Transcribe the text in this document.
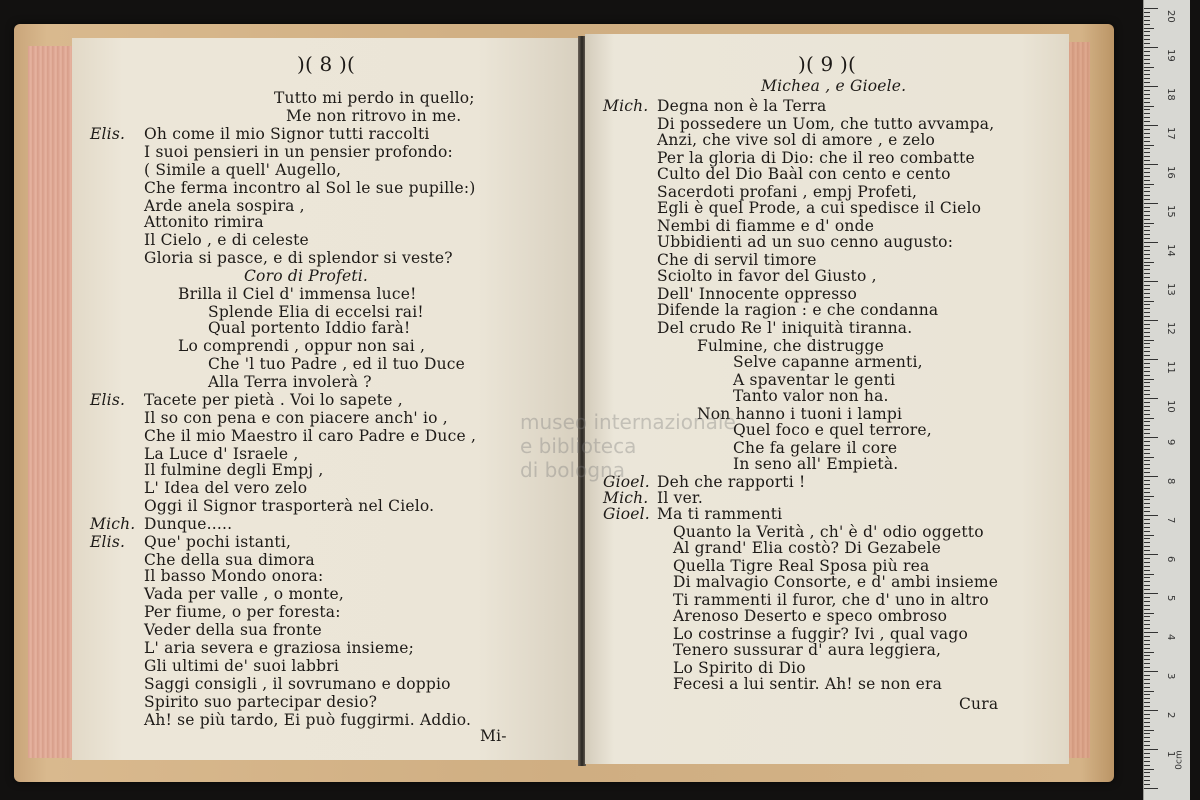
)( 8 )(
Tutto mi perdo in quello;
Me non ritrovo in me.
Elis. Oh come il mio Signor tutti raccolti
I suoi pensieri in un pensier profondo:
( Simile a quell' Augello,
Che ferma incontro al Sol le sue pupille:)
Arde anela sospira ,
Attonito rimira
Il Cielo , e di celeste
Gloria si pasce, e di splendor si veste?
Coro di Profeti.
Brilla il Ciel d' immensa luce!
Splende Elia di eccelsi rai!
Qual portento Iddio farà!
Lo comprendi , oppur non sai ,
Che 'l tuo Padre , ed il tuo Duce
Alla Terra involerà ?
Elis. Tacete per pietà . Voi lo sapete ,
Il so con pena e con piacere anch' io ,
Che il mio Maestro il caro Padre e Duce ,
La Luce d' Israele ,
Il fulmine degli Empj ,
L' Idea del vero zelo
Oggi il Signor trasporterà nel Cielo.
Mich. Dunque.....
Elis. Que' pochi istanti,
Che della sua dimora
Il basso Mondo onora:
Vada per valle , o monte,
Per fiume, o per foresta:
Veder della sua fronte
L' aria severa e graziosa insieme;
Gli ultimi de' suoi labbri
Saggi consigli , il sovrumano e doppio
Spirito suo partecipar desio?
Ah! se più tardo, Ei può fuggirmi. Addio.
Mi-
)( 9 )(
Michea , e Gioele.
Mich. Degna non è la Terra
Di possedere un Uom, che tutto avvampa,
Anzi, che vive sol di amore , e zelo
Per la gloria di Dio: che il reo combatte
Culto del Dio Baàl con cento e cento
Sacerdoti profani , empj Profeti,
Egli è quel Prode, a cui spedisce il Cielo
Nembi di fiamme e d' onde
Ubbidienti ad un suo cenno augusto:
Che di servil timore
Sciolto in favor del Giusto ,
Dell' Innocente oppresso
Difende la ragion : e che condanna
Del crudo Re l' iniquità tiranna.
Fulmine, che distrugge
Selve capanne armenti,
A spaventar le genti
Tanto valor non ha.
Non hanno i tuoni i lampi
Quel foco e quel terrore,
Che fa gelare il core
In seno all' Empietà.
Gioel. Deh che rapporti !
Mich. Il ver.
Gioel. Ma ti rammenti
Quanto la Verità , ch' è d' odio oggetto
Al grand' Elia costò? Di Gezabele
Quella Tigre Real Sposa più rea
Di malvagio Consorte, e d' ambi insieme
Ti rammenti il furor, che d' uno in altro
Arenoso Deserto e speco ombroso
Lo costrinse a fuggir? Ivi , qual vago
Tenero sussurar d' aura leggiera,
Lo Spirito di Dio
Fecesi a lui sentir. Ah! se non era
Cura
museo internazionale
e biblioteca
di bologna
20
19
18
17
16
15
14
13
12
11
10
9
8
7
6
5
4
3
2
1
0cm
